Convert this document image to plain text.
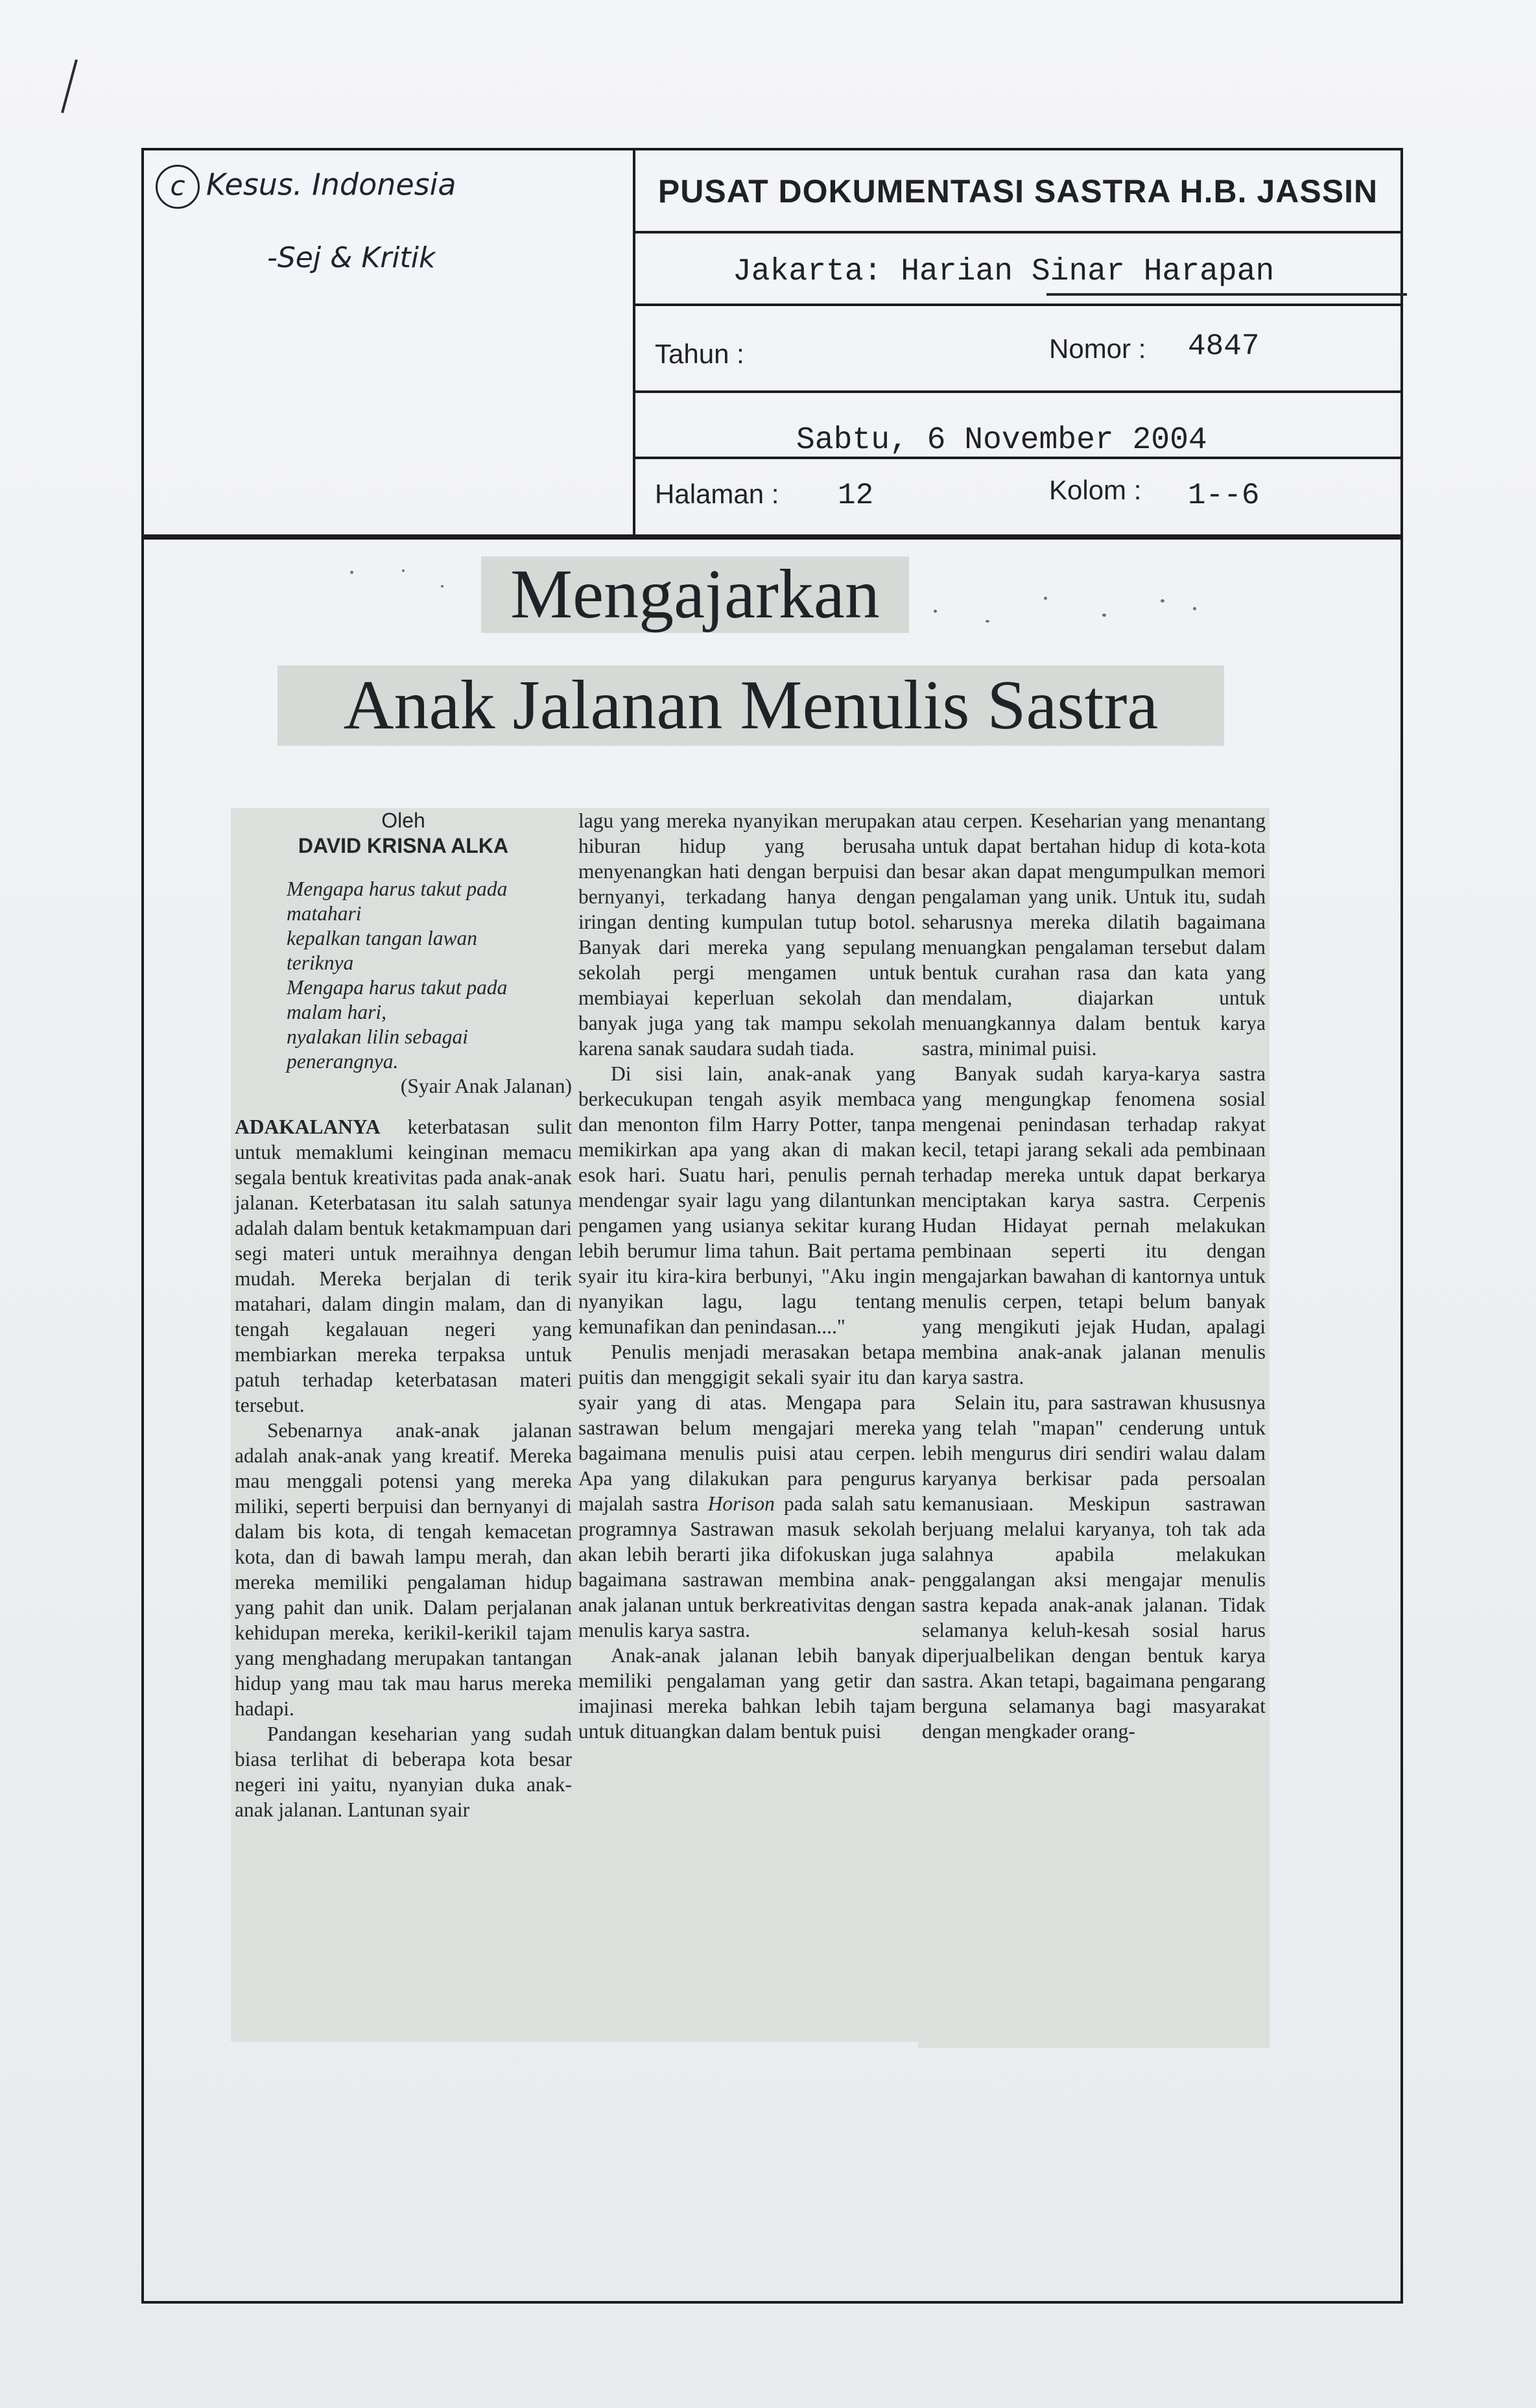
c Kesus. Indonesia
-Sej & Kritik
PUSAT DOKUMENTASI SASTRA H.B. JASSIN
Jakarta: Harian Sinar Harapan
Tahun :	Nomor : 4847
Sabtu, 6 November 2004
Halaman : 12	Kolom : 1--6
Mengajarkan
Anak Jalanan Menulis Sastra
Oleh
DAVID KRISNA ALKA
Mengapa harus takut pada
matahari
kepalkan tangan lawan
teriknya
Mengapa harus takut pada
malam hari,
nyalakan lilin sebagai
penerangnya.
(Syair Anak Jalanan)

ADAKALANYA keterbatasan sulit untuk memaklumi keinginan memacu segala bentuk kreativitas pada anak-anak jalanan. Keterbatasan itu salah satunya adalah dalam bentuk ketakmampuan dari segi materi untuk meraihnya dengan mudah. Mereka berjalan di terik matahari, dalam dingin malam, dan di tengah kegalauan negeri yang membiarkan mereka terpaksa untuk patuh terhadap keterbatasan materi tersebut.

Sebenarnya anak-anak jalanan adalah anak-anak yang kreatif. Mereka mau menggali potensi yang mereka miliki, seperti berpuisi dan bernyanyi di dalam bis kota, di tengah kemacetan kota, dan di bawah lampu merah, dan mereka memiliki pengalaman hidup yang pahit dan unik. Dalam perjalanan kehidupan mereka, kerikil-kerikil tajam yang menghadang merupakan tantangan hidup yang mau tak mau harus mereka hadapi.

Pandangan keseharian yang sudah biasa terlihat di beberapa kota besar negeri ini yaitu, nyanyian duka anak-anak jalanan. Lantunan syair

lagu yang mereka nyanyikan merupakan hiburan hidup yang berusaha menyenangkan hati dengan berpuisi dan bernyanyi, terkadang hanya dengan iringan denting kumpulan tutup botol. Banyak dari mereka yang sepulang sekolah pergi mengamen untuk membiayai keperluan sekolah dan banyak juga yang tak mampu sekolah karena sanak saudara sudah tiada.

Di sisi lain, anak-anak yang berkecukupan tengah asyik membaca dan menonton film Harry Potter, tanpa memikirkan apa yang akan di makan esok hari. Suatu hari, penulis pernah mendengar syair lagu yang dilantunkan pengamen yang usianya sekitar kurang lebih berumur lima tahun. Bait pertama syair itu kira-kira berbunyi, "Aku ingin nyanyikan lagu, lagu tentang kemunafikan dan penindasan...."

Penulis menjadi merasakan betapa puitis dan menggigit sekali syair itu dan syair yang di atas. Mengapa para sastrawan belum mengajari mereka bagaimana menulis puisi atau cerpen. Apa yang dilakukan para pengurus majalah sastra Horison pada salah satu programnya Sastrawan masuk sekolah akan lebih berarti jika difokuskan juga bagaimana sastrawan membina anak-anak jalanan untuk berkreativitas dengan menulis karya sastra.

Anak-anak jalanan lebih banyak memiliki pengalaman yang getir dan imajinasi mereka bahkan lebih tajam untuk dituangkan dalam bentuk puisi

atau cerpen. Keseharian yang menantang untuk dapat bertahan hidup di kota-kota besar akan dapat mengumpulkan memori pengalaman yang unik. Untuk itu, sudah seharusnya mereka dilatih bagaimana menuangkan pengalaman tersebut dalam bentuk curahan rasa dan kata yang mendalam, diajarkan untuk menuangkannya dalam bentuk karya sastra, minimal puisi.

Banyak sudah karya-karya sastra yang mengungkap fenomena sosial mengenai penindasan terhadap rakyat kecil, tetapi jarang sekali ada pembinaan terhadap mereka untuk dapat berkarya menciptakan karya sastra. Cerpenis Hudan Hidayat pernah melakukan pembinaan seperti itu dengan mengajarkan bawahan di kantornya untuk menulis cerpen, tetapi belum banyak yang mengikuti jejak Hudan, apalagi membina anak-anak jalanan menulis karya sastra.

Selain itu, para sastrawan khususnya yang telah "mapan" cenderung untuk lebih mengurus diri sendiri walau dalam karyanya berkisar pada persoalan kemanusiaan. Meskipun sastrawan berjuang melalui karyanya, toh tak ada salahnya apabila melakukan penggalangan aksi mengajar menulis sastra kepada anak-anak jalanan. Tidak selamanya keluh-kesah sosial harus diperjualbelikan dengan bentuk karya sastra. Akan tetapi, bagaimana pengarang berguna selamanya bagi masyarakat dengan mengkader orang-
